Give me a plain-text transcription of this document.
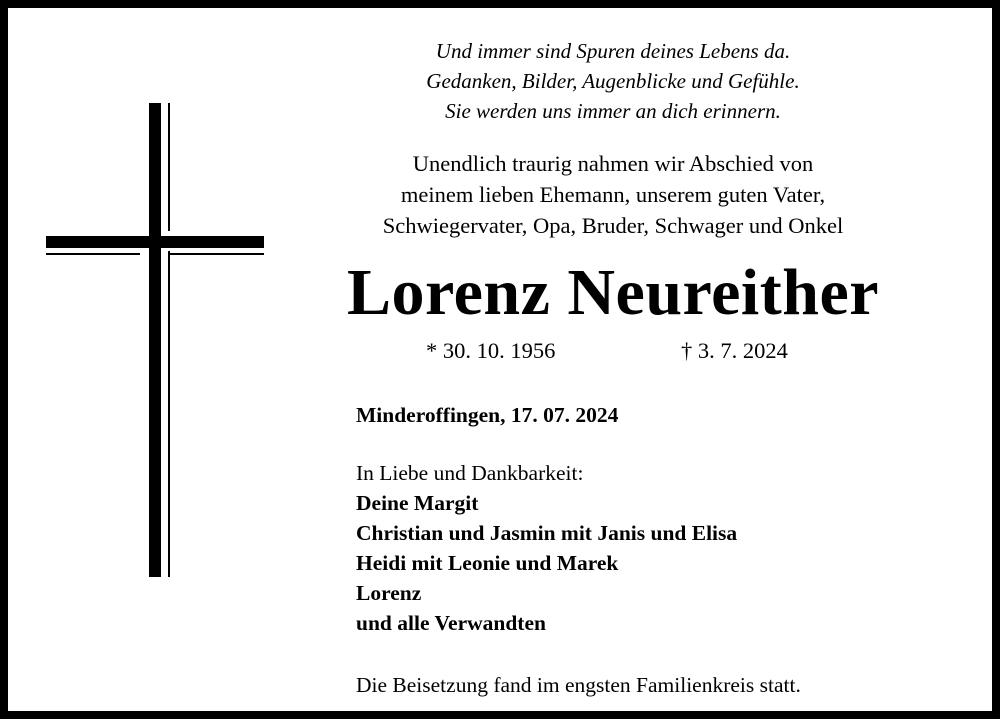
Und immer sind Spuren deines Lebens da.
Gedanken, Bilder, Augenblicke und Gefühle.
Sie werden uns immer an dich erinnern.
Unendlich traurig nahmen wir Abschied von
meinem lieben Ehemann, unserem guten Vater,
Schwiegervater, Opa, Bruder, Schwager und Onkel
Lorenz Neureither
* 30. 10. 1956	† 3. 7. 2024
Minderoffingen, 17. 07. 2024
In Liebe und Dankbarkeit:
Deine Margit
Christian und Jasmin mit Janis und Elisa
Heidi mit Leonie und Marek
Lorenz
und alle Verwandten
Die Beisetzung fand im engsten Familienkreis statt.
